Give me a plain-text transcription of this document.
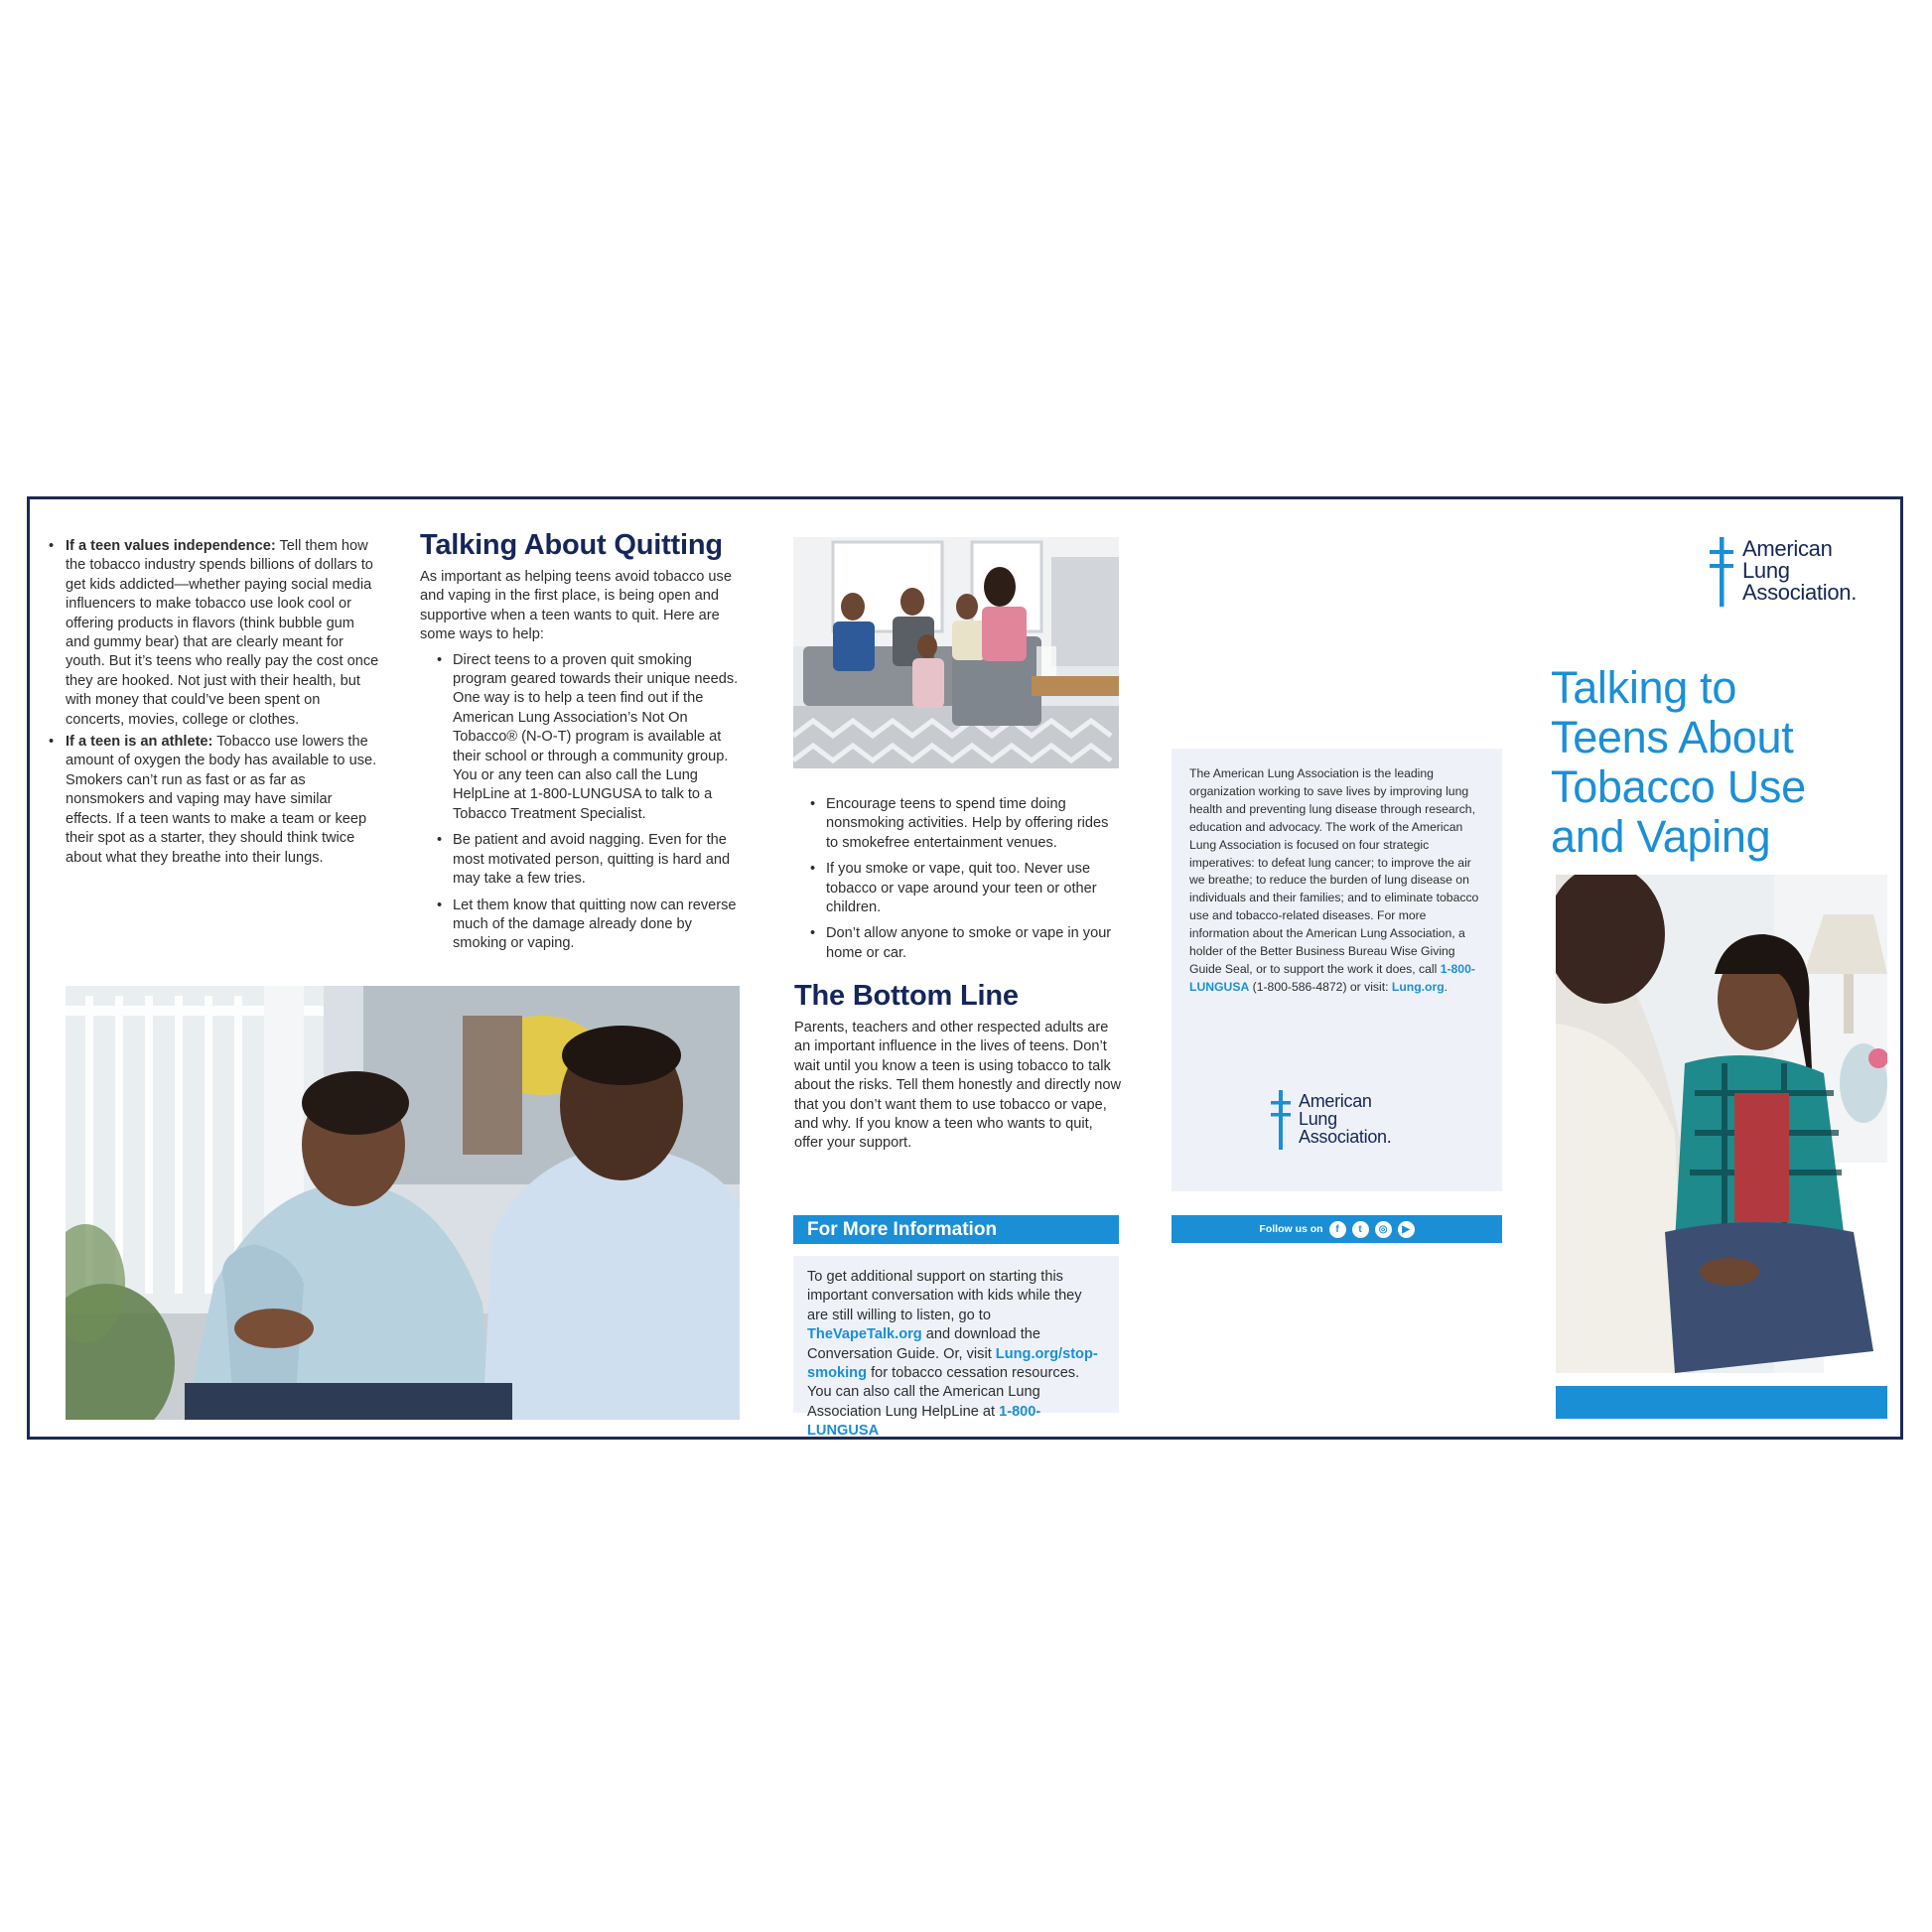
• If a teen values independence: Tell them how the tobacco industry spends billions of dollars to get kids addicted—whether paying social media influencers to make tobacco use look cool or offering products in flavors (think bubble gum and gummy bear) that are clearly meant for youth. But it’s teens who really pay the cost once they are hooked. Not just with their health, but with money that could’ve been spent on concerts, movies, college or clothes.
• If a teen is an athlete: Tobacco use lowers the amount of oxygen the body has available to use. Smokers can’t run as fast or as far as nonsmokers and vaping may have similar effects. If a teen wants to make a team or keep their spot as a starter, they should think twice about what they breathe into their lungs.
Talking About Quitting
As important as helping teens avoid tobacco use and vaping in the first place, is being open and supportive when a teen wants to quit. Here are some ways to help:
• Direct teens to a proven quit smoking program geared towards their unique needs. One way is to help a teen find out if the American Lung Association’s Not On Tobacco® (N-O-T) program is available at their school or through a community group. You or any teen can also call the Lung HelpLine at 1-800-LUNGUSA to talk to a Tobacco Treatment Specialist.
• Be patient and avoid nagging. Even for the most motivated person, quitting is hard and may take a few tries.
• Let them know that quitting now can reverse much of the damage already done by smoking or vaping.
• Encourage teens to spend time doing nonsmoking activities. Help by offering rides to smokefree entertainment venues.
• If you smoke or vape, quit too. Never use tobacco or vape around your teen or other children.
• Don’t allow anyone to smoke or vape in your home or car.
The Bottom Line
Parents, teachers and other respected adults are an important influence in the lives of teens. Don’t wait until you know a teen is using tobacco to talk about the risks. Tell them honestly and directly now that you don’t want them to use tobacco or vape, and why. If you know a teen who wants to quit, offer your support.
For More Information
To get additional support on starting this important conversation with kids while they are still willing to listen, go to TheVapeTalk.org and download the Conversation Guide. Or, visit Lung.org/stop-smoking for tobacco cessation resources. You can also call the American Lung Association Lung HelpLine at 1-800-LUNGUSA
The American Lung Association is the leading organization working to save lives by improving lung health and preventing lung disease through research, education and advocacy. The work of the American Lung Association is focused on four strategic imperatives: to defeat lung cancer; to improve the air we breathe; to reduce the burden of lung disease on individuals and their families; and to eliminate tobacco use and tobacco-related diseases. For more information about the American Lung Association, a holder of the Better Business Bureau Wise Giving Guide Seal, or to support the work it does, call 1-800-LUNGUSA (1-800-586-4872) or visit: Lung.org.
American
Lung
Association.
Follow us on	f	t	◎	▶
American
Lung
Association.
Talking to
Teens About
Tobacco Use
and Vaping
